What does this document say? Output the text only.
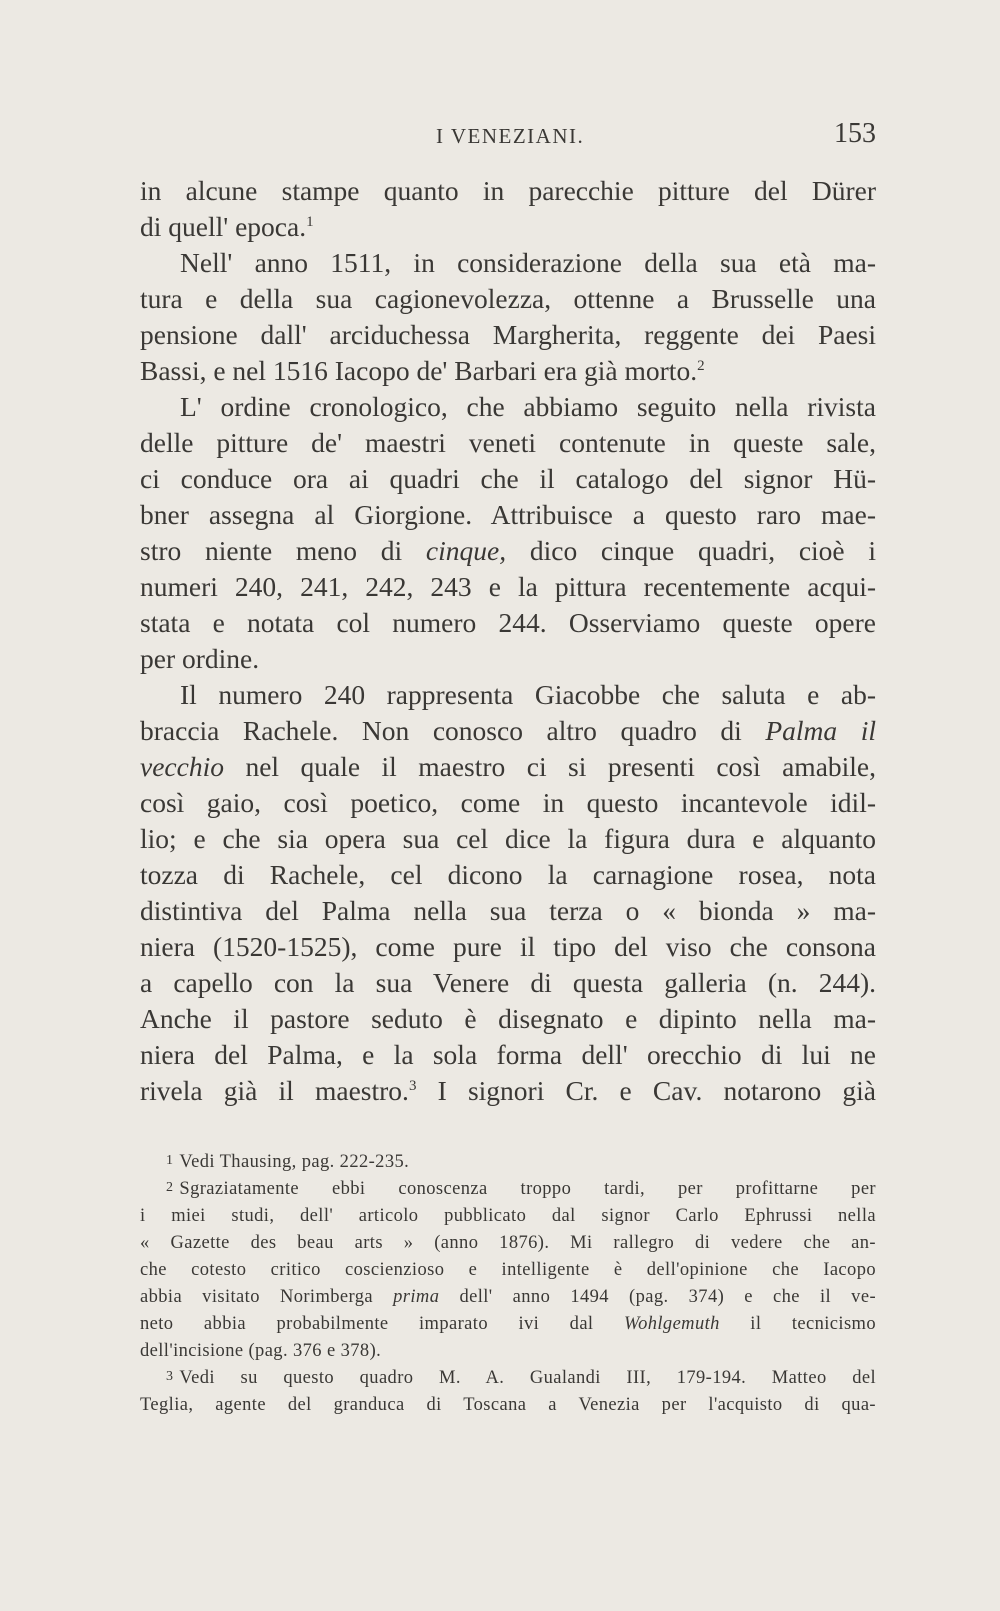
I VENEZIANI.	153
in alcune stampe quanto in parecchie pitture del Dürer
di quell' epoca.$^1$
Nell' anno 1511, in considerazione della sua età ma-
tura e della sua cagionevolezza, ottenne a Brusselle una
pensione dall' arciduchessa Margherita, reggente dei Paesi
Bassi, e nel 1516 Iacopo de' Barbari era già morto.$^2$
L' ordine cronologico, che abbiamo seguito nella rivista
delle pitture de' maestri veneti contenute in queste sale,
ci conduce ora ai quadri che il catalogo del signor Hü-
bner assegna al Giorgione. Attribuisce a questo raro mae-
stro niente meno di cinque, dico cinque quadri, cioè i
numeri 240, 241, 242, 243 e la pittura recentemente acqui-
stata e notata col numero 244. Osserviamo queste opere
per ordine.
Il numero 240 rappresenta Giacobbe che saluta e ab-
braccia Rachele. Non conosco altro quadro di Palma il
vecchio nel quale il maestro ci si presenti così amabile,
così gaio, così poetico, come in questo incantevole idil-
lio; e che sia opera sua cel dice la figura dura e alquanto
tozza di Rachele, cel dicono la carnagione rosea, nota
distintiva del Palma nella sua terza o « bionda » ma-
niera (1520-1525), come pure il tipo del viso che consona
a capello con la sua Venere di questa galleria (n. 244).
Anche il pastore seduto è disegnato e dipinto nella ma-
niera del Palma, e la sola forma dell' orecchio di lui ne
rivela già il maestro.$^3$ I signori Cr. e Cav. notarono già
$^1$ Vedi Thausing, pag. 222-235.
$^2$ Sgraziatamente ebbi conoscenza troppo tardi, per profittarne per
i miei studi, dell' articolo pubblicato dal signor Carlo Ephrussi nella
« Gazette des beau arts » (anno 1876). Mi rallegro di vedere che an-
che cotesto critico coscienzioso e intelligente è dell'opinione che Iacopo
abbia visitato Norimberga prima dell' anno 1494 (pag. 374) e che il ve-
neto abbia probabilmente imparato ivi dal Wohlgemuth il tecnicismo
dell'incisione (pag. 376 e 378).
$^3$ Vedi su questo quadro M. A. Gualandi III, 179-194. Matteo del
Teglia, agente del granduca di Toscana a Venezia per l'acquisto di qua-
